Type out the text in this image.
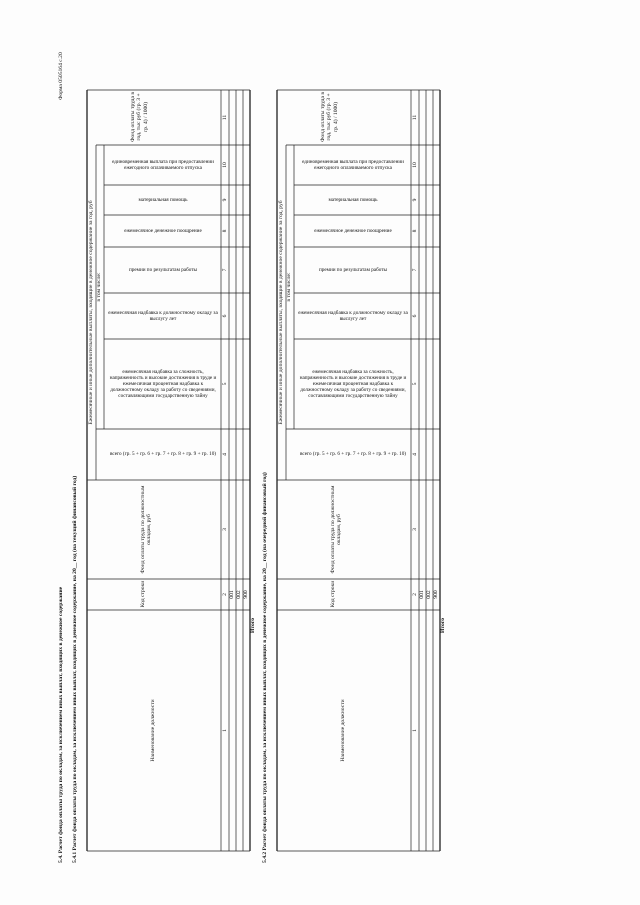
Форма 0505164 с.20
5.4. Расчет фонда оплаты труда по окладам, за исключением иных выплат, входящих в денежное содержание 5.4.1 Расчет фонда оплаты труда по окладам, за исключением иных выплат, входящих в денежное содержание, на 20__ год (на текущий финансовый год)	Наименование должности
Код строки
Фонд оплаты труда по должностным окладам, руб
Ежемесячные и иные дополнительные выплаты, входящие в денежное содержание за год, руб в том числе:
всего (гр. 5 + гр. 6 + гр. 7 + гр. 8 + гр. 9 + гр. 10)
ежемесячная надбавка за сложность, напряженность и высокие достижения в труде и ежемесячная процентная надбавка к должностному окладу за работу со сведениями, составляющими государственную тайну
ежемесячная надбавка к должностному окладу за выслугу лет
премии по результатам работы
ежемесячное денежное поощрение
материальная помощь
единовременная выплата при предоставлении ежегодного оплачиваемого отпуска
Фонд оплаты труда в год, тыс руб (гр. 3 + гр. 4) / 1000)
1
2
3
4
5
6
7
8
9
10
11
001 002 900
Итого 5.4.2 Расчет фонда оплаты труда по окладам, за исключением иных выплат, входящих в денежное содержание, на 20__ год (на очередной финансовый год)	Наименование должности
Код строки
Фонд оплаты труда по должностным окладам, руб
Ежемесячные и иные дополнительные выплаты, входящие в денежное содержание за год, руб в том числе:
всего (гр. 5 + гр. 6 + гр. 7 + гр. 8 + гр. 9 + гр. 10)
ежемесячная надбавка за сложность, напряженность и высокие достижения в труде и ежемесячная процентная надбавка к должностному окладу за работу со сведениями, составляющими государственную тайну
ежемесячная надбавка к должностному окладу за выслугу лет
премии по результатам работы
ежемесячное денежное поощрение
материальная помощь
единовременная выплата при предоставлении ежегодного оплачиваемого отпуска
Фонд оплаты труда в год, тыс руб (гр. 3 + гр. 4) / 1000)
1
2
3
4
5
6
7
8
9
10
11
001 002 900
Итого
